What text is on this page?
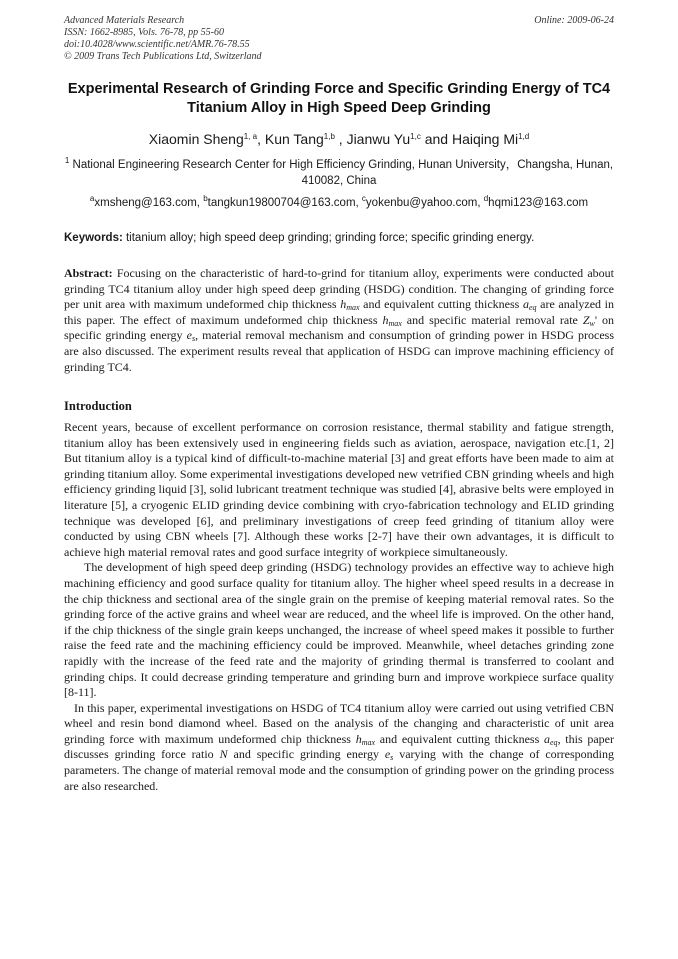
Advanced Materials Research
ISSN: 1662-8985, Vols. 76-78, pp 55-60
doi:10.4028/www.scientific.net/AMR.76-78.55
© 2009 Trans Tech Publications Ltd, Switzerland
Online: 2009-06-24
Experimental Research of Grinding Force and Specific Grinding Energy of TC4 Titanium Alloy in High Speed Deep Grinding
Xiaomin Sheng$^{1, a}$, Kun Tang$^{1,b}$ , Jianwu Yu$^{1,c}$ and Haiqing Mi$^{1,d}$
$^1$ National Engineering Research Center for High Efficiency Grinding, Hunan University，Changsha, Hunan, 410082, China
$^a$xmsheng@163.com, $^b$tangkun19800704@163.com, $^c$yokenbu@yahoo.com, $^d$hqmi123@163.com
Keywords: titanium alloy; high speed deep grinding; grinding force; specific grinding energy.

Abstract: Focusing on the characteristic of hard-to-grind for titanium alloy, experiments were conducted about grinding TC4 titanium alloy under high speed deep grinding (HSDG) condition. The changing of grinding force per unit area with maximum undeformed chip thickness $h_{max}$ and equivalent cutting thickness $a_{eq}$ are analyzed in this paper. The effect of maximum undeformed chip thickness $h_{max}$ and specific material removal rate $Z_w'$ on specific grinding energy $e_s$, material removal mechanism and consumption of grinding power in HSDG process are also discussed. The experiment results reveal that application of HSDG can improve machining efficiency of grinding TC4.

Introduction

Recent years, because of excellent performance on corrosion resistance, thermal stability and fatigue strength, titanium alloy has been extensively used in engineering fields such as aviation, aerospace, navigation etc.[1, 2] But titanium alloy is a typical kind of difficult-to-machine material [3] and great efforts have been made to aim at grinding titanium alloy. Some experimental investigations developed new vetrified CBN grinding wheels and high efficiency grinding liquid [3], solid lubricant treatment technique was studied [4], abrasive belts were employed in literature [5], a cryogenic ELID grinding device combining with cryo-fabrication technology and ELID grinding technique was developed [6], and preliminary investigations of creep feed grinding of titanium alloy were conducted by using CBN wheels [7]. Although these works [2-7] have their own advantages, it is difficult to achieve high material removal rates and good surface integrity of workpiece simultaneously.

The development of high speed deep grinding (HSDG) technology provides an effective way to achieve high machining efficiency and good surface quality for titanium alloy. The higher wheel speed results in a decrease in the chip thickness and sectional area of the single grain on the premise of keeping material removal rates. So the grinding force of the active grains and wheel wear are reduced, and the wheel life is improved. On the other hand, if the chip thickness of the single grain keeps unchanged, the increase of wheel speed makes it possible to further raise the feed rate and the machining efficiency could be improved. Meanwhile, wheel detaches grinding zone rapidly with the increase of the feed rate and the majority of grinding thermal is transferred to coolant and grinding chips. It could decrease grinding temperature and grinding burn and improve workpiece surface quality [8-11].

In this paper, experimental investigations on HSDG of TC4 titanium alloy were carried out using vetrified CBN wheel and resin bond diamond wheel. Based on the analysis of the changing and characteristic of unit area grinding force with maximum undeformed chip thickness $h_{max}$ and equivalent cutting thickness $a_{eq}$, this paper discusses grinding force ratio N and specific grinding energy $e_s$ varying with the change of corresponding parameters. The change of material removal mode and the consumption of grinding power on the grinding process are also researched.
